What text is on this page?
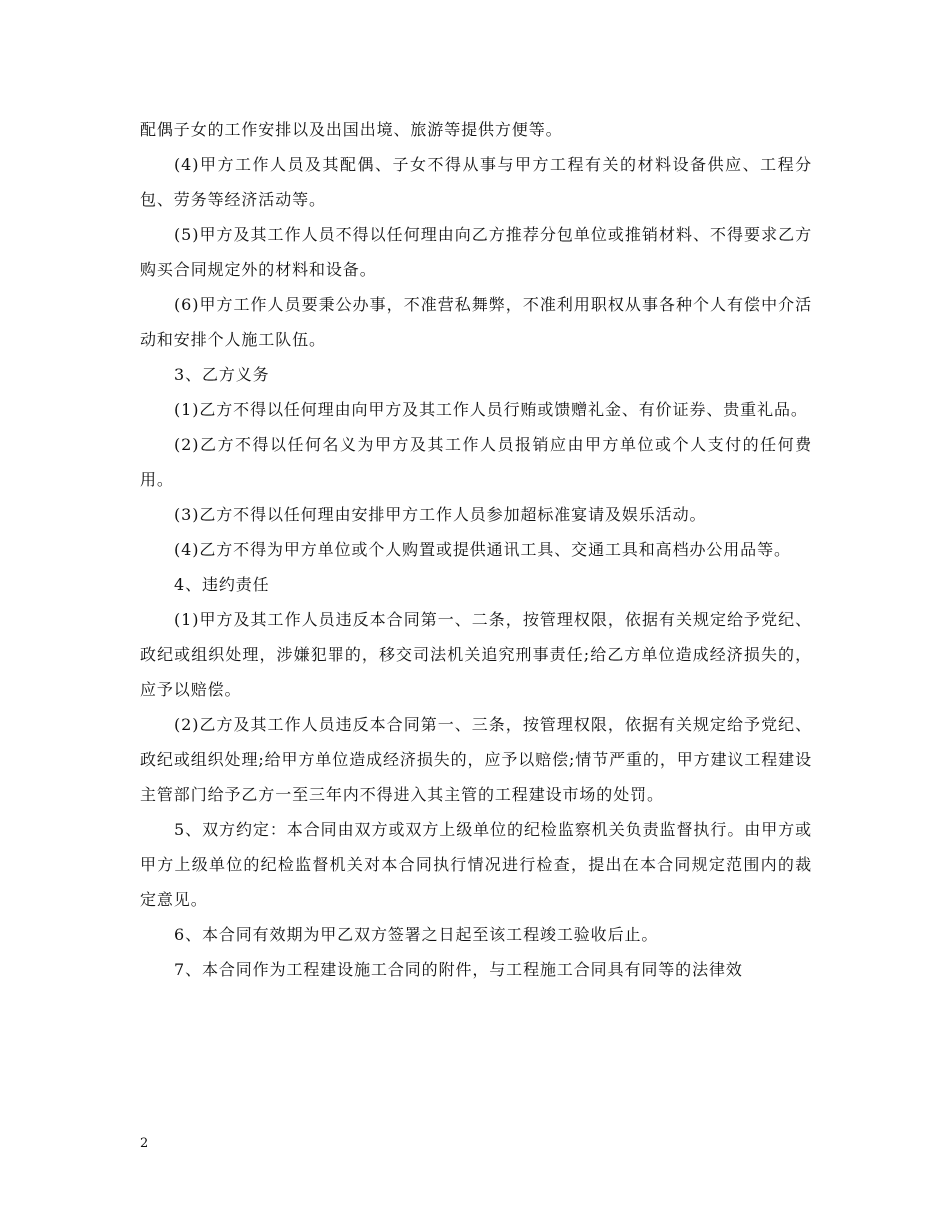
配偶子女的工作安排以及出国出境、旅游等提供方便等。

(4)甲方工作人员及其配偶、子女不得从事与甲方工程有关的材料设备供应、工程分包、劳务等经济活动等。

(5)甲方及其工作人员不得以任何理由向乙方推荐分包单位或推销材料、不得要求乙方购买合同规定外的材料和设备。

(6)甲方工作人员要秉公办事，不准营私舞弊，不准利用职权从事各种个人有偿中介活动和安排个人施工队伍。

3、乙方义务

(1)乙方不得以任何理由向甲方及其工作人员行贿或馈赠礼金、有价证券、贵重礼品。

(2)乙方不得以任何名义为甲方及其工作人员报销应由甲方单位或个人支付的任何费用。

(3)乙方不得以任何理由安排甲方工作人员参加超标准宴请及娱乐活动。

(4)乙方不得为甲方单位或个人购置或提供通讯工具、交通工具和高档办公用品等。

4、违约责任

(1)甲方及其工作人员违反本合同第一、二条，按管理权限，依据有关规定给予党纪、政纪或组织处理，涉嫌犯罪的，移交司法机关追究刑事责任;给乙方单位造成经济损失的，应予以赔偿。

(2)乙方及其工作人员违反本合同第一、三条，按管理权限，依据有关规定给予党纪、政纪或组织处理;给甲方单位造成经济损失的，应予以赔偿;情节严重的，甲方建议工程建设主管部门给予乙方一至三年内不得进入其主管的工程建设市场的处罚。

5、双方约定：本合同由双方或双方上级单位的纪检监察机关负责监督执行。由甲方或甲方上级单位的纪检监督机关对本合同执行情况进行检查，提出在本合同规定范围内的裁定意见。

6、本合同有效期为甲乙双方签署之日起至该工程竣工验收后止。

7、本合同作为工程建设施工合同的附件，与工程施工合同具有同等的法律效

2
